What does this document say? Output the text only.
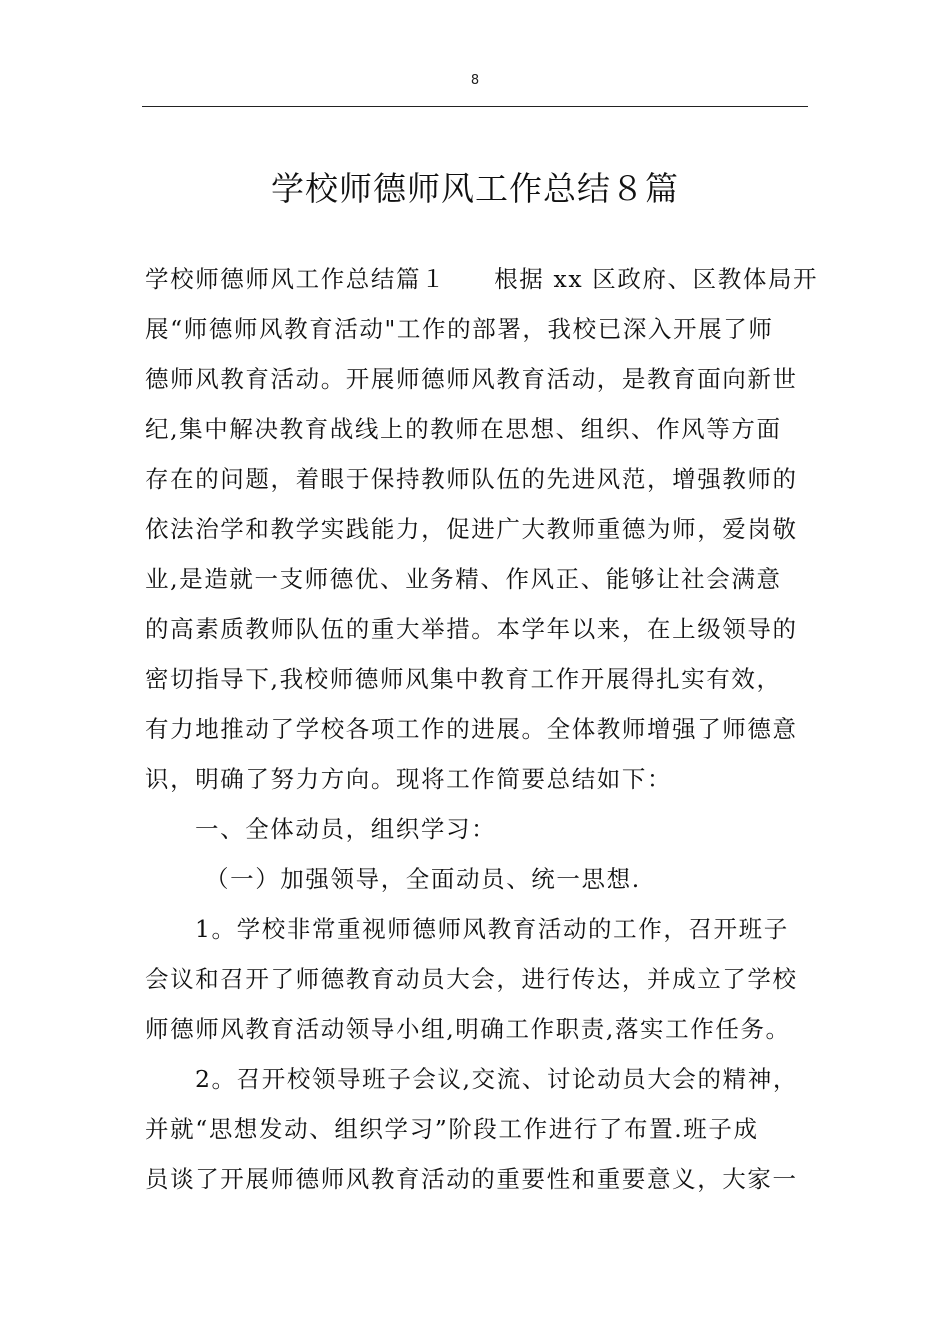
8
学校师德师风工作总结８篇
学校师德师风工作总结篇１ 根据 xx 区政府、区教体局开
展“师德师风教育活动"工作的部署，我校已深入开展了师
德师风教育活动。开展师德师风教育活动，是教育面向新世
纪,集中解决教育战线上的教师在思想、组织、作风等方面
存在的问题，着眼于保持教师队伍的先进风范，增强教师的
依法治学和教学实践能力，促进广大教师重德为师，爱岗敬
业,是造就一支师德优、业务精、作风正、能够让社会满意
的高素质教师队伍的重大举措。本学年以来，在上级领导的
密切指导下,我校师德师风集中教育工作开展得扎实有效，
有力地推动了学校各项工作的进展。全体教师增强了师德意
识，明确了努力方向。现将工作简要总结如下：
一、全体动员，组织学习：
（一）加强领导，全面动员、统一思想.
1。学校非常重视师德师风教育活动的工作，召开班子
会议和召开了师德教育动员大会，进行传达，并成立了学校
师德师风教育活动领导小组,明确工作职责,落实工作任务。
2。召开校领导班子会议,交流、讨论动员大会的精神，
并就“思想发动、组织学习”阶段工作进行了布置.班子成
员谈了开展师德师风教育活动的重要性和重要意义，大家一
